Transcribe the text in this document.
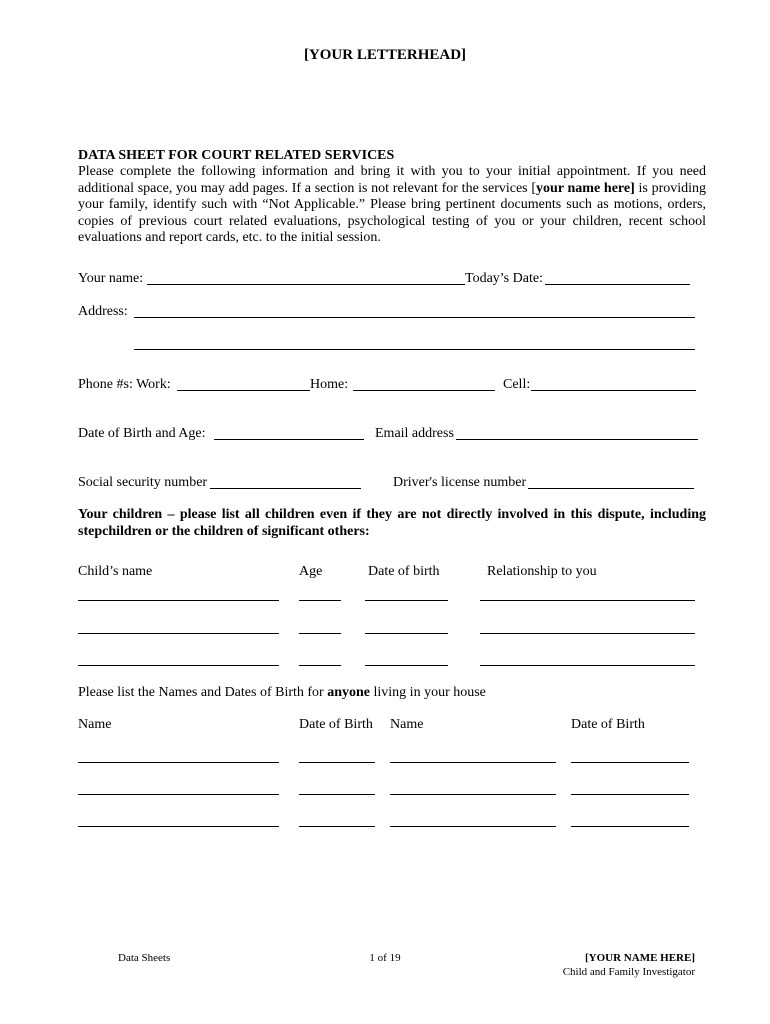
[YOUR LETTERHEAD]
DATA SHEET FOR COURT RELATED SERVICES
Please complete the following information and bring it with you to your initial appointment. If you need additional space, you may add pages. If a section is not relevant for the services [your name here] is providing your family, identify such with “Not Applicable.” Please bring pertinent documents such as motions, orders, copies of previous court related evaluations, psychological testing of you or your children, recent school evaluations and report cards, etc. to the initial session.
Your name:	Today’s Date:
Address:
Phone #s: Work:	Home:	Cell:
Date of Birth and Age:	Email address
Social security number	Driver's license number
Your children – please list all children even if they are not directly involved in this dispute, including stepchildren or the children of significant others:
Child’s name	Age	Date of birth	Relationship to you
Please list the Names and Dates of Birth for anyone living in your house
Name	Date of Birth Name	Date of Birth
Data Sheets	1 of 19	[YOUR NAME HERE]
Child and Family Investigator
